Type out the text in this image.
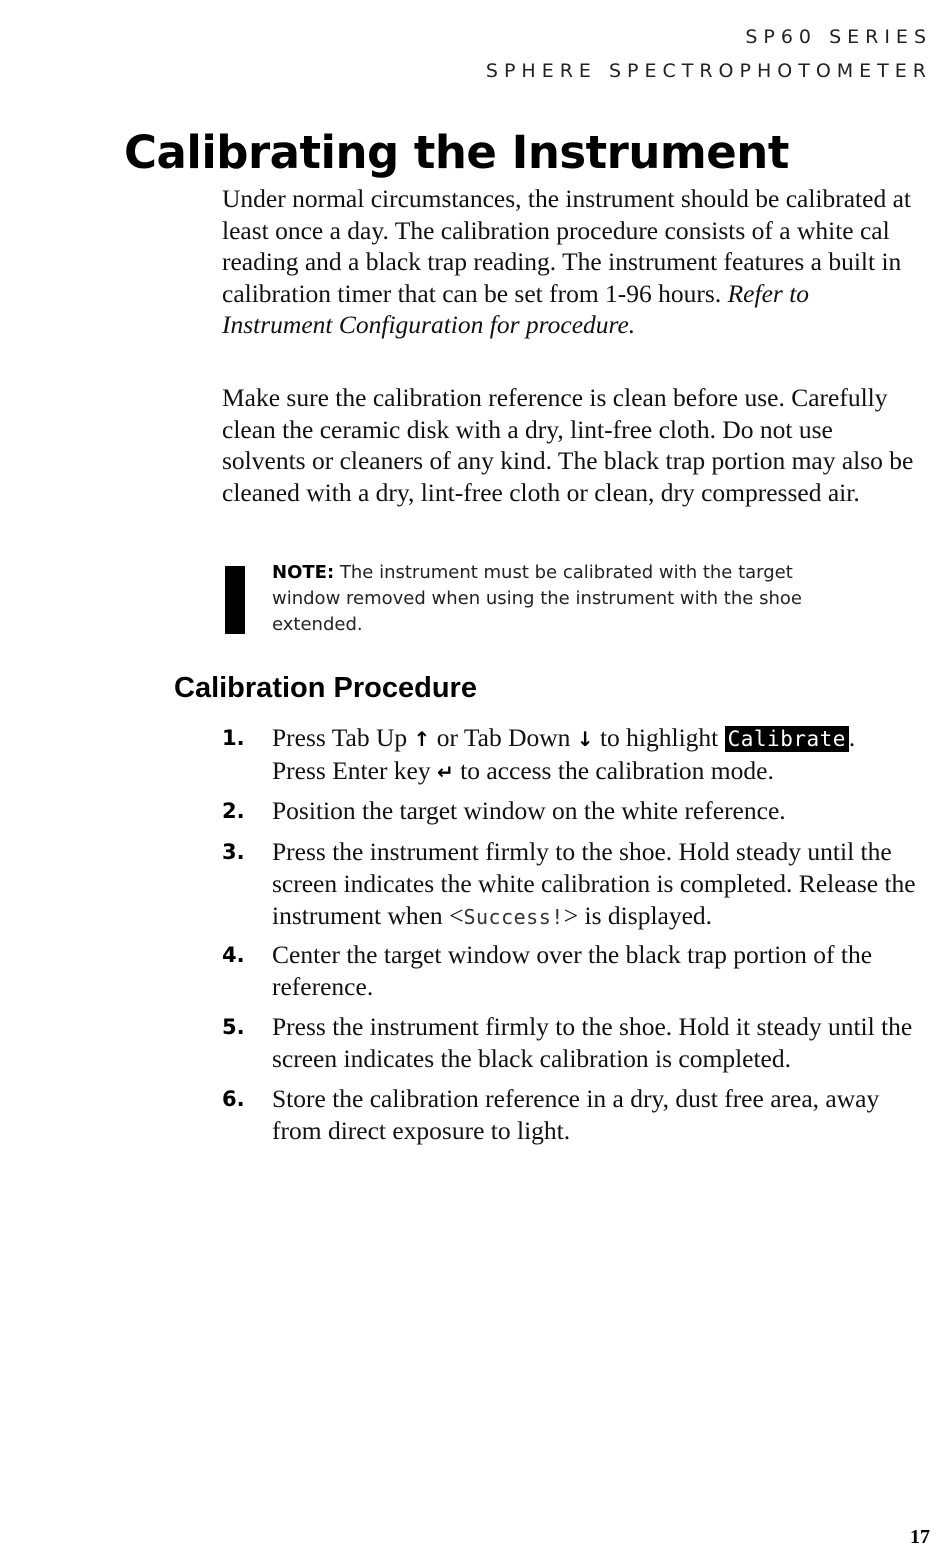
SP60 SERIES
SPHERE SPECTROPHOTOMETER
Calibrating the Instrument

Under normal circumstances, the instrument should be calibrated at least once a day. The calibration procedure consists of a white cal reading and a black trap reading. The instrument features a built in calibration timer that can be set from 1-96 hours. Refer to Instrument Configuration for procedure.

Make sure the calibration reference is clean before use. Carefully clean the ceramic disk with a dry, lint-free cloth. Do not use solvents or cleaners of any kind. The black trap portion may also be cleaned with a dry, lint-free cloth or clean, dry compressed air.

NOTE: The instrument must be calibrated with the target window removed when using the instrument with the shoe extended.

Calibration Procedure
1. Press Tab Up ↑ or Tab Down ↓ to highlight Calibrate .
Press Enter key ↵ to access the calibration mode.
2. Position the target window on the white reference.
3. Press the instrument firmly to the shoe. Hold steady until the screen indicates the white calibration is completed. Release the instrument when <Success!> is displayed.
4. Center the target window over the black trap portion of the reference.
5. Press the instrument firmly to the shoe. Hold it steady until the screen indicates the black calibration is completed.
6. Store the calibration reference in a dry, dust free area, away from direct exposure to light.
17
